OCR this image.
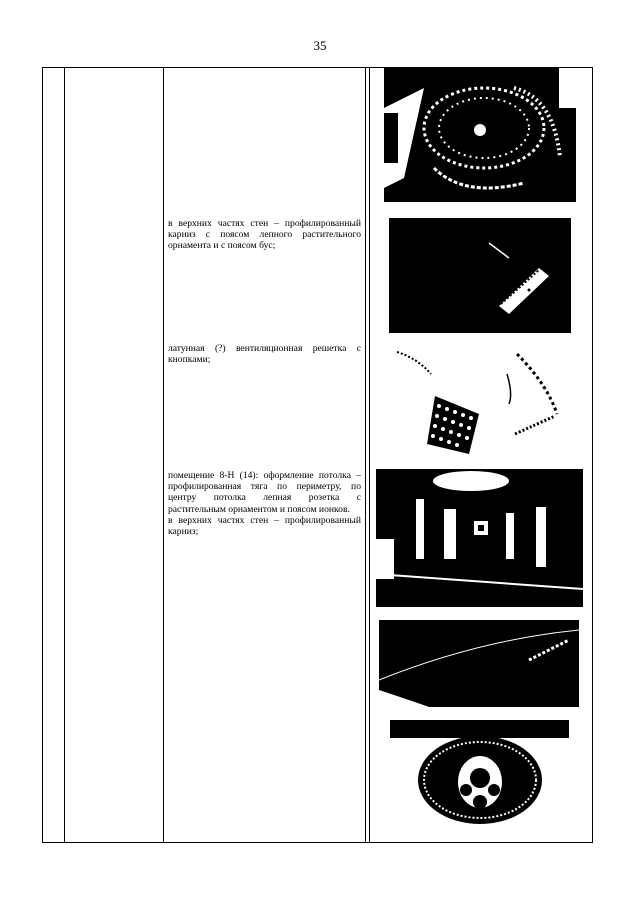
35
в верхних частях стен – профилированный карниз с поясом лепного растительного орнамента и с поясом бус;
латунная (?) вентиляционная решетка с кнопками;
помещение 8-Н (14): оформление потолка – профилированная тяга по периметру, по центру потолка лепная розетка с растительным орнаментом и поясом ионков.
в верхних частях стен – профилированный карниз;
